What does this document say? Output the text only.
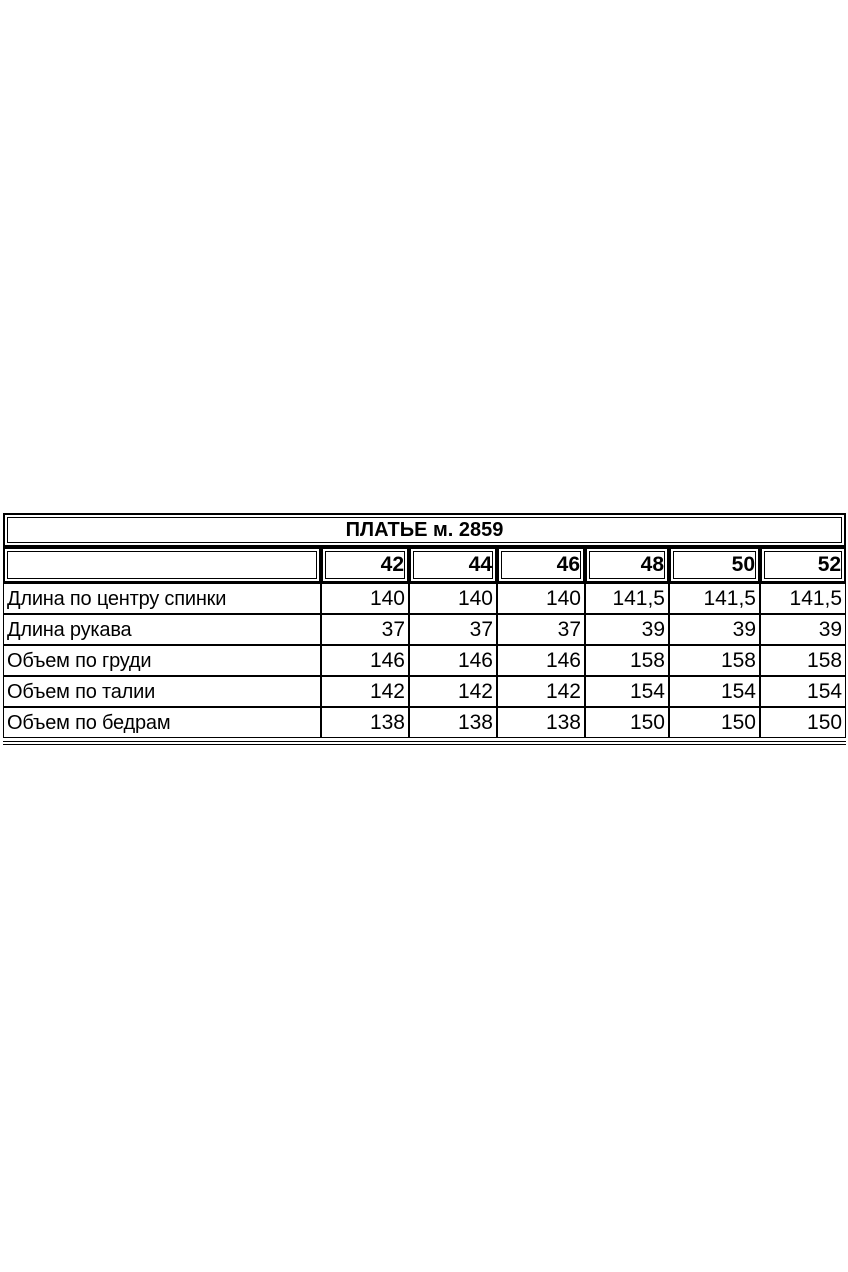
ПЛАТЬЕ м. 2859						
	42	44	46	48	50	52
Длина по центру спинки	140	140	140	141,5	141,5	141,5
Длина рукава	37	37	37	39	39	39
Объем по груди	146	146	146	158	158	158
Объем по талии	142	142	142	154	154	154
Объем по бедрам	138	138	138	150	150	150
